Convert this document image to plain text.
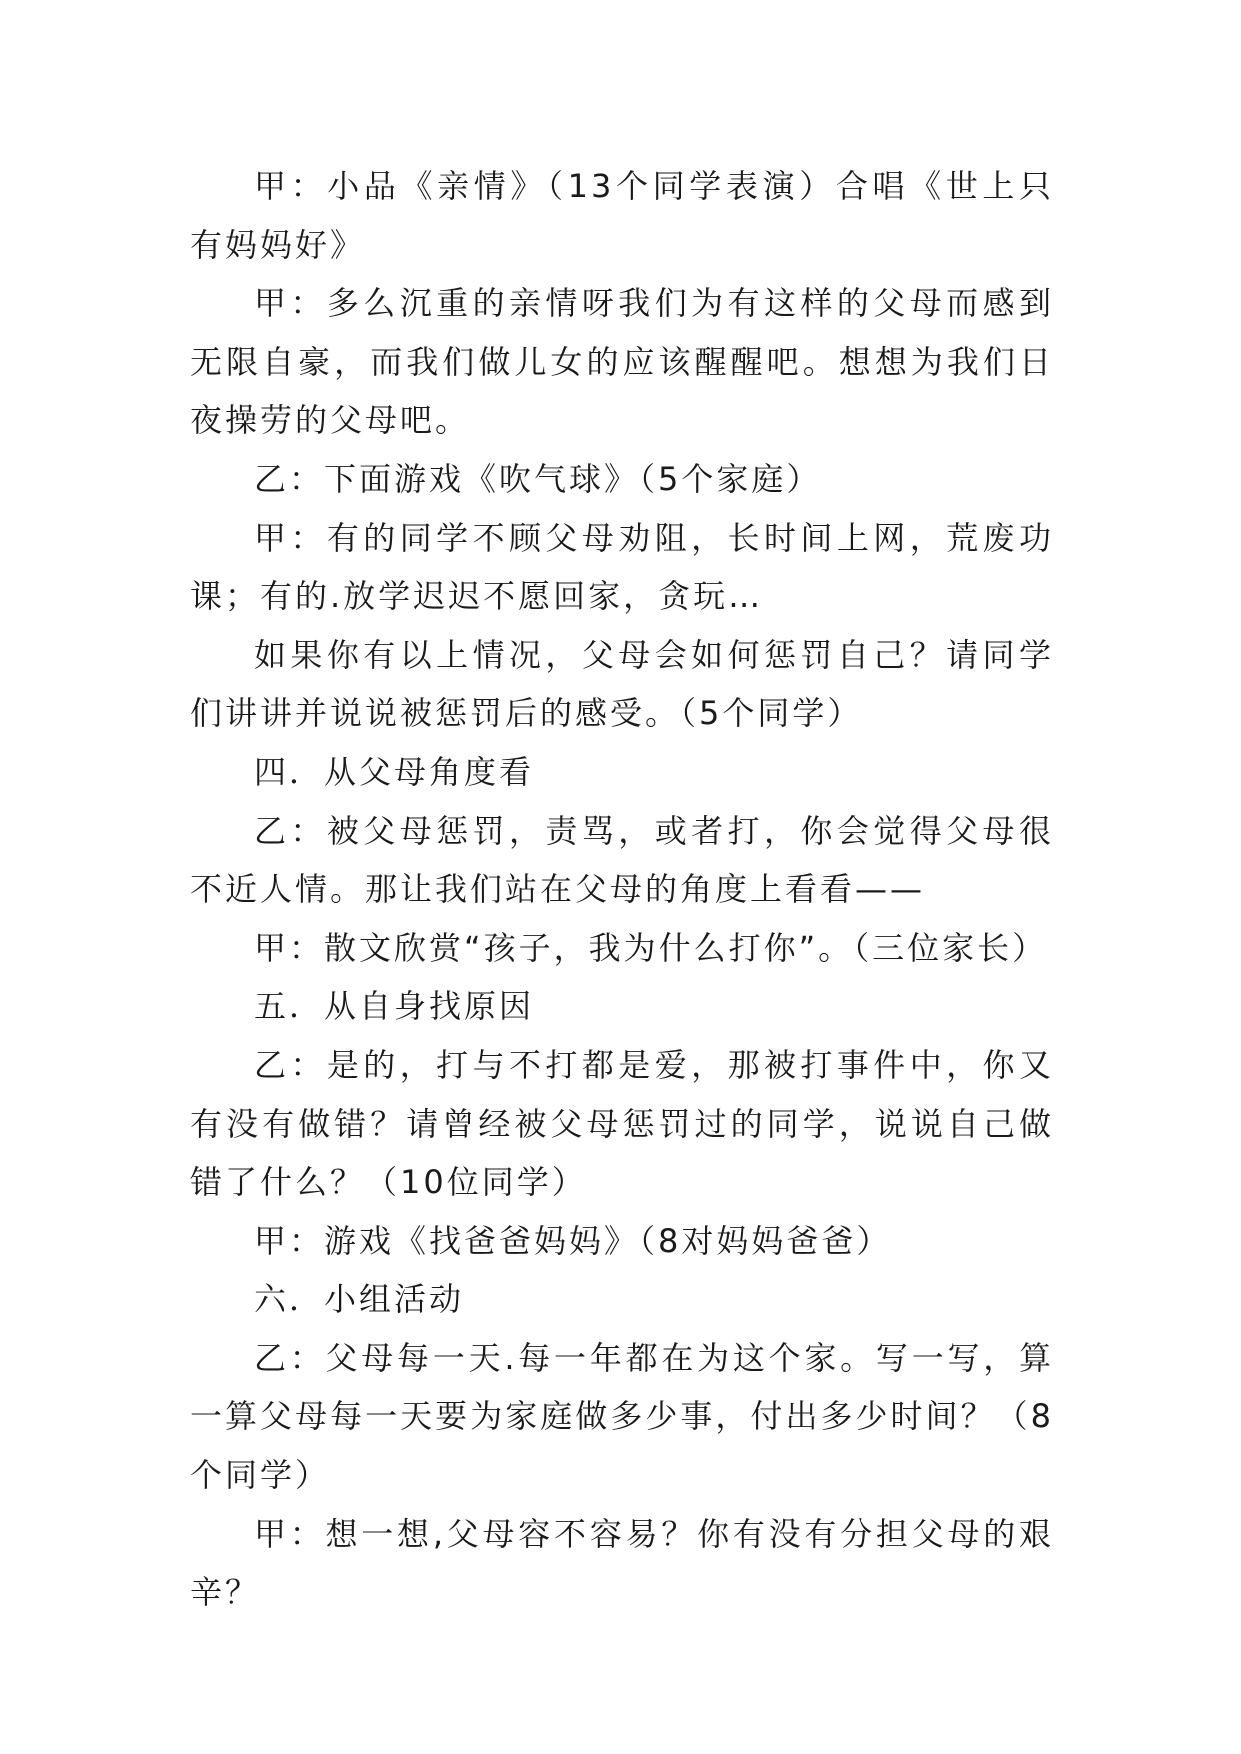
甲：小品《亲情》（13个同学表演）合唱《世上只有妈妈好》

甲：多么沉重的亲情呀我们为有这样的父母而感到无限自豪，而我们做儿女的应该醒醒吧。想想为我们日夜操劳的父母吧。

乙：下面游戏《吹气球》（5个家庭）

甲：有的同学不顾父母劝阻，长时间上网，荒废功课；有的.放学迟迟不愿回家，贪玩…

如果你有以上情况，父母会如何惩罚自己？请同学们讲讲并说说被惩罚后的感受。（5个同学）

四．从父母角度看

乙：被父母惩罚，责骂，或者打，你会觉得父母很不近人情。那让我们站在父母的角度上看看——

甲：散文欣赏“孩子，我为什么打你”。（三位家长）

五．从自身找原因

乙：是的，打与不打都是爱，那被打事件中，你又有没有做错？请曾经被父母惩罚过的同学，说说自己做错了什么？（10位同学）

甲：游戏《找爸爸妈妈》（8对妈妈爸爸）

六．小组活动

乙：父母每一天.每一年都在为这个家。写一写，算一算父母每一天要为家庭做多少事，付出多少时间？（8个同学）

甲：想一想,父母容不容易？你有没有分担父母的艰辛？
